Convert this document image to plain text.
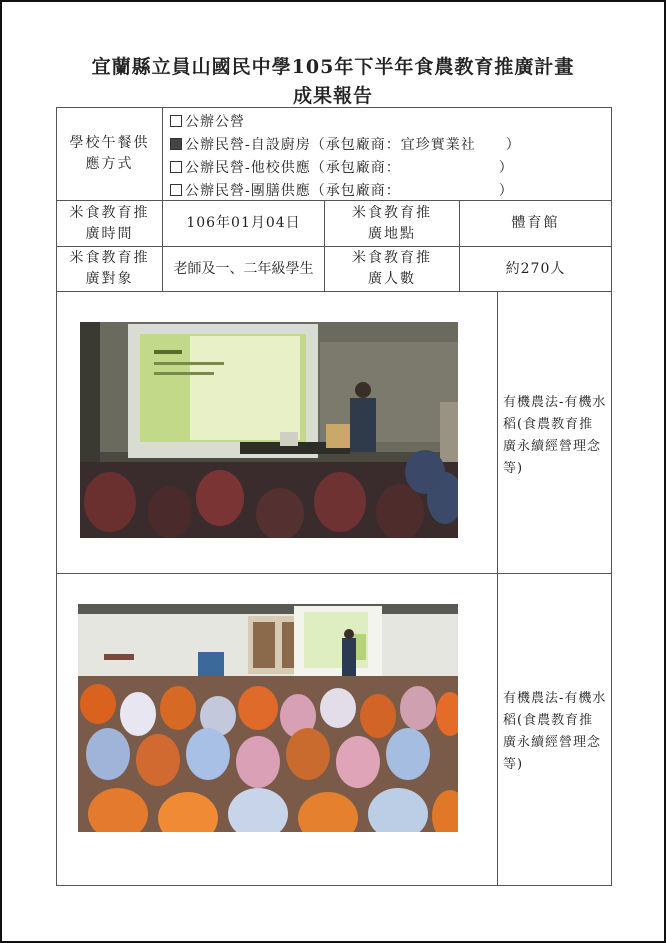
宜蘭縣立員山國民中學105年下半年食農教育推廣計畫
成果報告
學校午餐供應方式
公辦公營
公辦民營-自設廚房（承包廠商：宜珍實業社　　）
公辦民營-他校供應（承包廠商：　　　　　　　）
公辦民營-團膳供應（承包廠商：　　　　　　　）
米食教育推廣時間
106年01月04日
米食教育推廣地點
體育館
米食教育推廣對象
老師及一、二年級學生
米食教育推廣人數
約270人
有機農法-有機水稻(食農教育推廣永續經營理念等)
有機農法-有機水稻(食農教育推廣永續經營理念等)
